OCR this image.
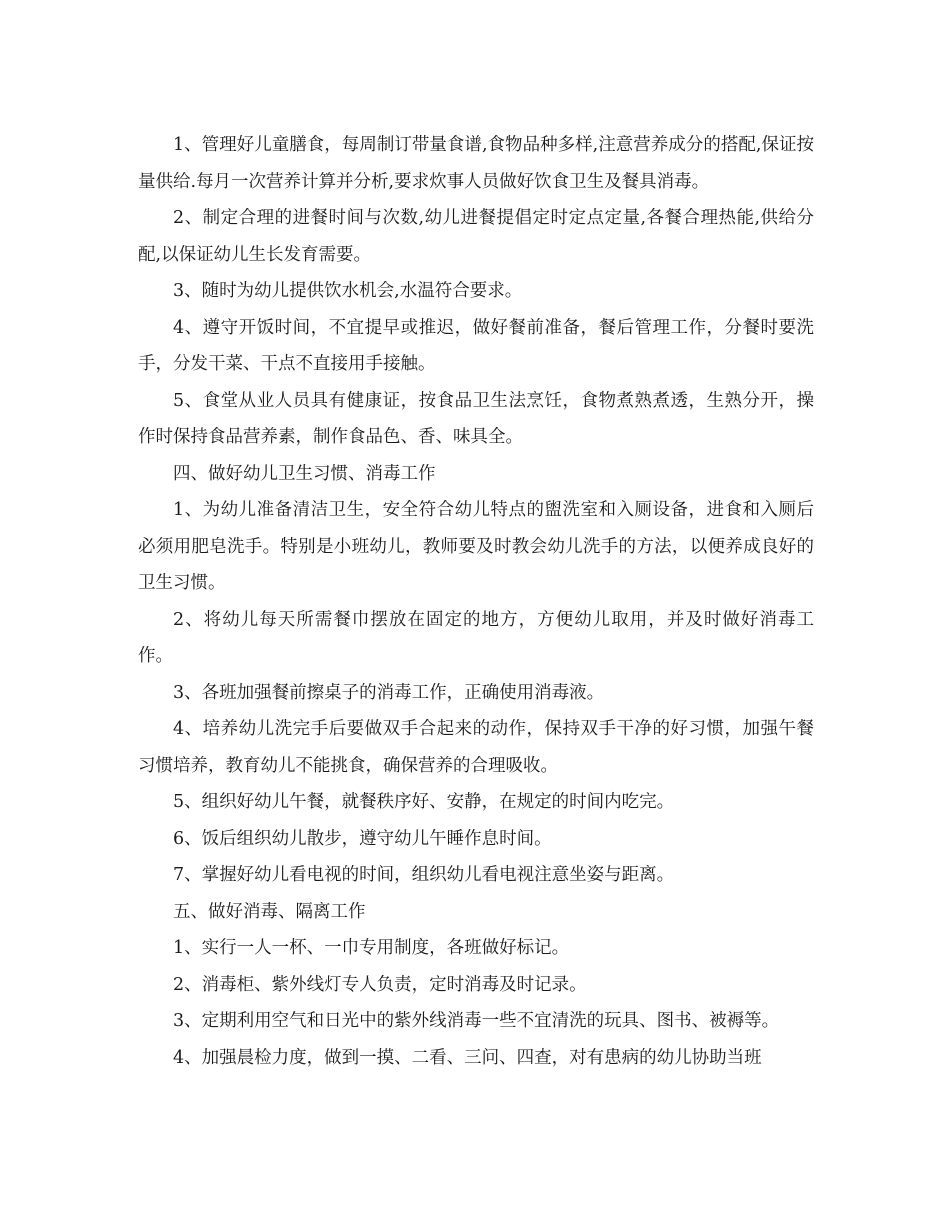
1、管理好儿童膳食，每周制订带量食谱,食物品种多样,注意营养成分的搭配,保证按量供给.每月一次营养计算并分析,要求炊事人员做好饮食卫生及餐具消毒。

2、制定合理的进餐时间与次数,幼儿进餐提倡定时定点定量,各餐合理热能,供给分配,以保证幼儿生长发育需要。

3、随时为幼儿提供饮水机会,水温符合要求。

4、遵守开饭时间，不宜提早或推迟，做好餐前准备，餐后管理工作，分餐时要洗手，分发干菜、干点不直接用手接触。

5、食堂从业人员具有健康证，按食品卫生法烹饪，食物煮熟煮透，生熟分开，操作时保持食品营养素，制作食品色、香、味具全。

四、做好幼儿卫生习惯、消毒工作

1、为幼儿准备清洁卫生，安全符合幼儿特点的盥洗室和入厕设备，进食和入厕后必须用肥皂洗手。特别是小班幼儿，教师要及时教会幼儿洗手的方法，以便养成良好的卫生习惯。

2、将幼儿每天所需餐巾摆放在固定的地方，方便幼儿取用，并及时做好消毒工作。

3、各班加强餐前擦桌子的消毒工作，正确使用消毒液。

4、培养幼儿洗完手后要做双手合起来的动作，保持双手干净的好习惯，加强午餐习惯培养，教育幼儿不能挑食，确保营养的合理吸收。

5、组织好幼儿午餐，就餐秩序好、安静，在规定的时间内吃完。

6、饭后组织幼儿散步，遵守幼儿午睡作息时间。

7、掌握好幼儿看电视的时间，组织幼儿看电视注意坐姿与距离。

五、做好消毒、隔离工作

1、实行一人一杯、一巾专用制度，各班做好标记。

2、消毒柜、紫外线灯专人负责，定时消毒及时记录。

3、定期利用空气和日光中的紫外线消毒一些不宜清洗的玩具、图书、被褥等。

4、加强晨检力度，做到一摸、二看、三问、四查，对有患病的幼儿协助当班
